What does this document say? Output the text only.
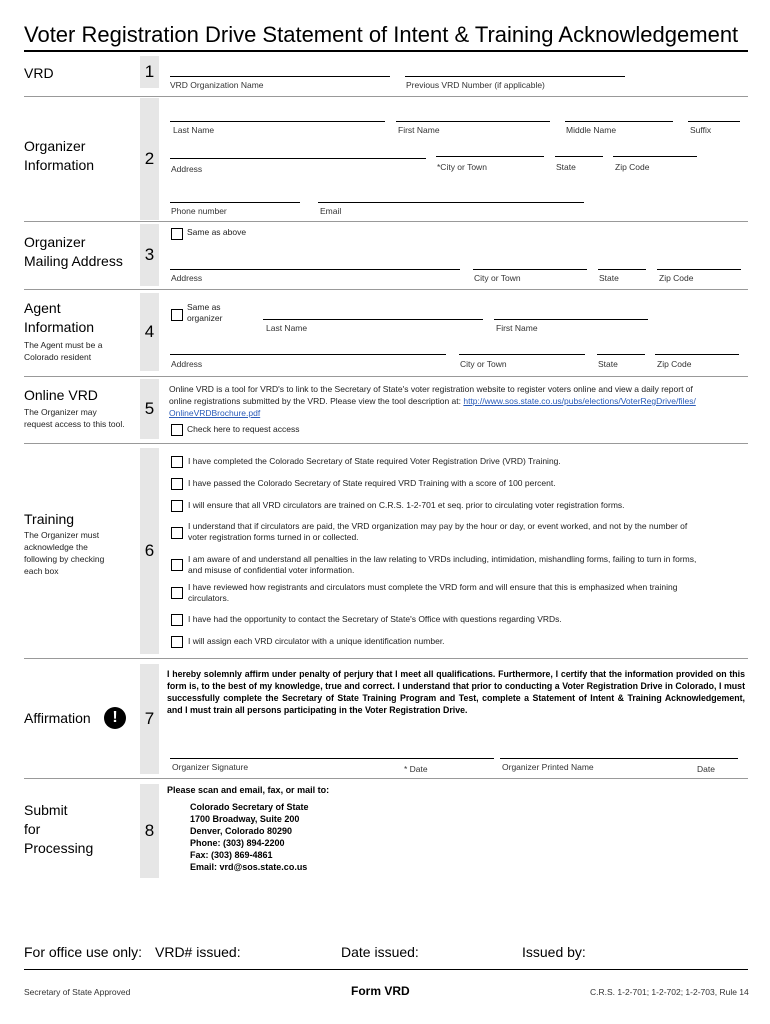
Voter Registration Drive Statement of Intent & Training Acknowledgement
VRD	1
VRD Organization Name	Previous VRD Number (if applicable)
Organizer
Information	2
Last Name	First Name	Middle Name	Suffix
Address	*City or Town	State	Zip Code
Phone number	Email
Organizer
Mailing Address 3
Same as above
Address	City or Town	State	Zip Code
Agent
Information
The Agent must be a
Colorado resident
4
Same as
organizer
Last Name	First Name
Address	City or Town	State	Zip Code
Online VRD
The Organizer may
request access to this tool.
5
Online VRD is a tool for VRD's to link to the Secretary of State's voter registration website to register voters online and view a daily report of
online registrations submitted by the VRD. Please view the tool description at: http://www.sos.state.co.us/pubs/elections/VoterRegDrive/files/
OnlineVRDBrochure.pdf
Check here to request access
Training
The Organizer must
acknowledge the
following by checking
each box
6
I have completed the Colorado Secretary of State required Voter Registration Drive (VRD) Training.
I have passed the Colorado Secretary of State required VRD Training with a score of 100 percent.
I will ensure that all VRD circulators are trained on C.R.S. 1-2-701 et seq. prior to circulating voter registration forms.
I understand that if circulators are paid, the VRD organization may pay by the hour or day, or event worked, and not by the number of
voter registration forms turned in or collected.
I am aware of and understand all penalties in the law relating to VRDs including, intimidation, mishandling forms, failing to turn in forms,
and misuse of confidential voter information.
I have reviewed how registrants and circulators must complete the VRD form and will ensure that this is emphasized when training
circulators.
I have had the opportunity to contact the Secretary of State's Office with questions regarding VRDs.
I will assign each VRD circulator with a unique identification number.
Affirmation	!	7
I hereby solemnly affirm under penalty of perjury that I meet all qualifications. Furthermore, I certify that the information provided on this form is, to the best of my knowledge, true and correct. I understand that prior to conducting a Voter Registration Drive in Colorado, I must successfully complete the Secretary of State Training Program and Test, complete a Statement of Intent & Training Acknowledgement, and I must train all persons participating in the Voter Registration Drive.
Organizer Signature	* Date	Organizer Printed Name	Date
Submit
for
Processing
8
Please scan and email, fax, or mail to:
Colorado Secretary of State
1700 Broadway, Suite 200
Denver, Colorado 80290
Phone: (303) 894-2200
Fax: (303) 869-4861
Email: vrd@sos.state.co.us
For office use only: VRD# issued:	Date issued:	Issued by:
Secretary of State Approved	Form VRD	C.R.S. 1-2-701; 1-2-702; 1-2-703, Rule 14
